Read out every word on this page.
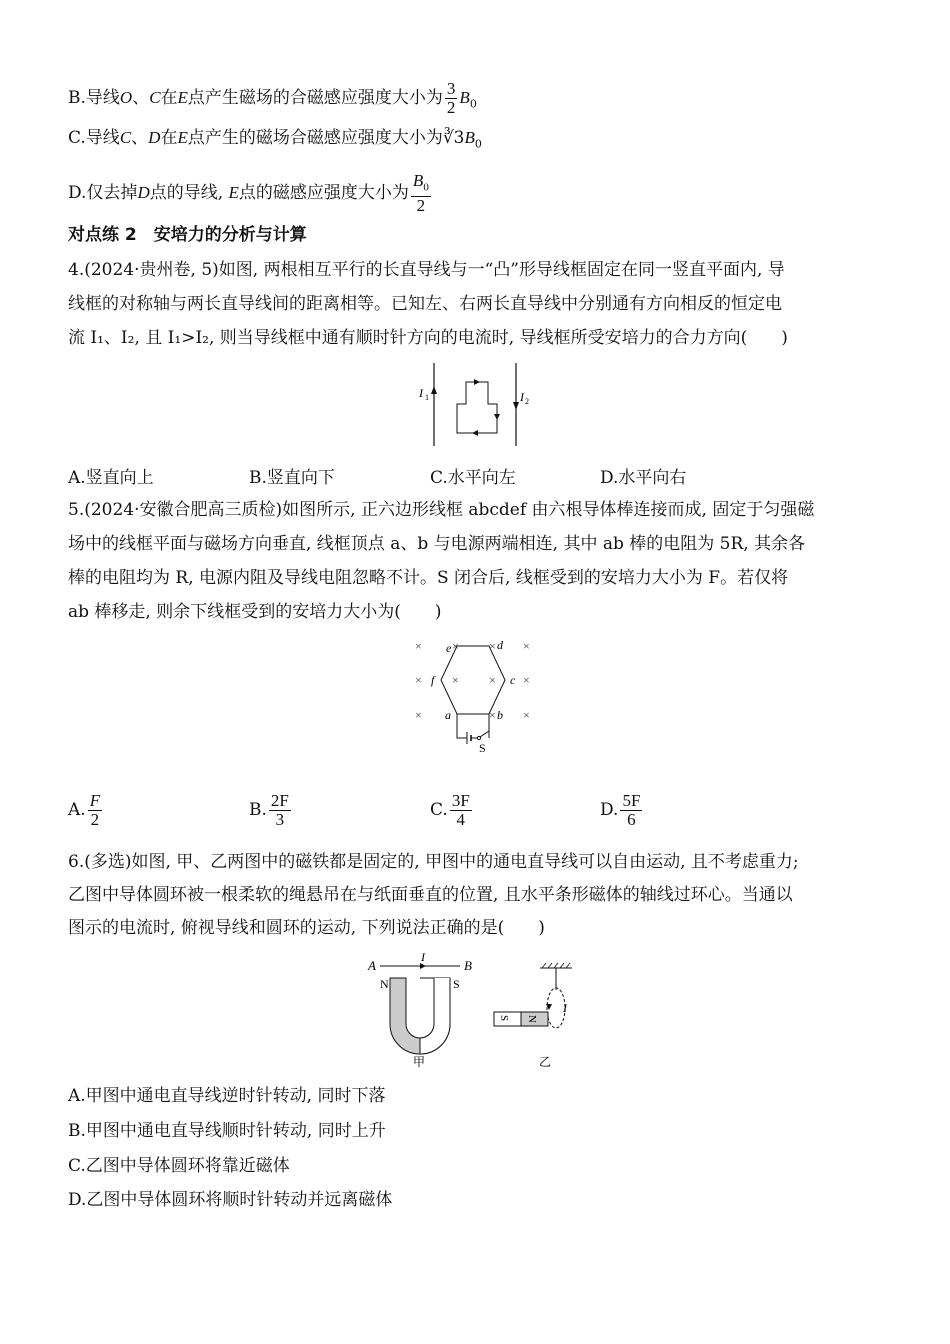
B.导线O、C在E点产生磁场的合磁感应强度大小为 $\frac{3}{2} B_0$
C.导线C、D在E点产生的磁场合磁感应强度大小为$∛3B_0$
D.仅去掉D点的导线, E点的磁感应强度大小为 $\frac{B_0}{2}$
对点练 2　安培力的分析与计算
4.(2024·贵州卷, 5)如图, 两根相互平行的长直导线与一“凸”形导线框固定在同一竖直平面内, 导
线框的对称轴与两长直导线间的距离相等。已知左、右两长直导线中分别通有方向相反的恒定电
流 I₁、I₂, 且 I₁>I₂, 则当导线框中通有顺时针方向的电流时, 导线框所受安培力的合力方向(　　)
I 1	I 2
A.竖直向上	B.竖直向下	C.水平向左	D.水平向右
5.(2024·安徽合肥高三质检)如图所示, 正六边形线框 abcdef 由六根导体棒连接而成, 固定于匀强磁
场中的线框平面与磁场方向垂直, 线框顶点 a、b 与电源两端相连, 其中 ab 棒的电阻为 5R, 其余各
棒的电阻均为 R, 电源内阻及导线电阻忽略不计。S 闭合后, 线框受到的安培力大小为 F。若仅将
ab 棒移走, 则余下线框受到的安培力大小为(　　)
×	×	× ×
×	×	× ×
×	× ×
e	d
f	c
a	b
S
A. $\frac{F}{2}$	B. $\frac{2F}{3}$	C. $\frac{3F}{4}$	D. $\frac{5F}{6}$
6.(多选)如图, 甲、乙两图中的磁铁都是固定的, 甲图中的通电直导线可以自由运动, 且不考虑重力;
乙图中导体圆环被一根柔软的绳悬吊在与纸面垂直的位置, 且水平条形磁体的轴线过环心。当通以
图示的电流时, 俯视导线和圆环的运动, 下列说法正确的是(　　)
A	B
I
N	S
甲
I
S N
乙
A.甲图中通电直导线逆时针转动, 同时下落
B.甲图中通电直导线顺时针转动, 同时上升
C.乙图中导体圆环将靠近磁体
D.乙图中导体圆环将顺时针转动并远离磁体
